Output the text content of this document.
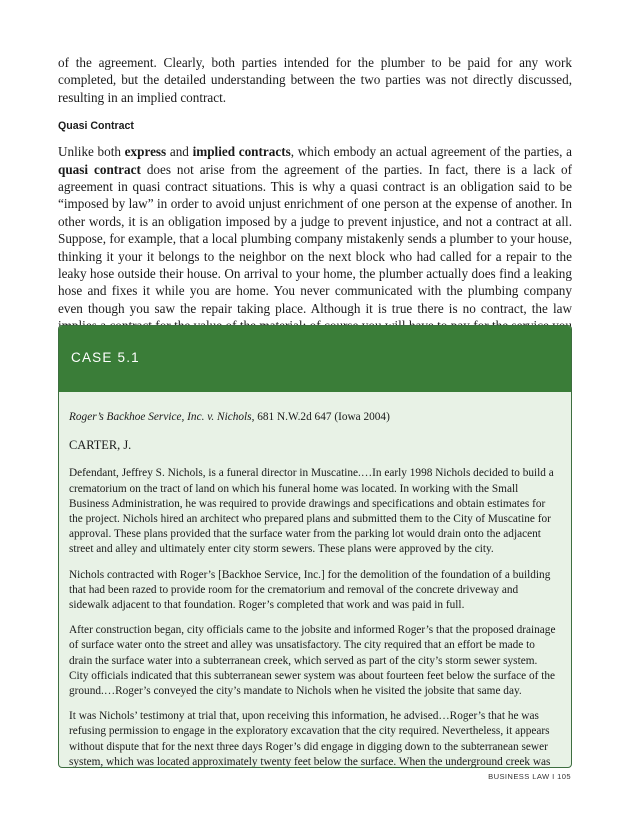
of the agreement. Clearly, both parties intended for the plumber to be paid for any work completed, but the detailed understanding between the two parties was not directly discussed, resulting in an implied contract.

Quasi Contract

Unlike both express and implied contracts, which embody an actual agreement of the parties, a quasi contract does not arise from the agreement of the parties. In fact, there is a lack of agreement in quasi contract situations. This is why a quasi contract is an obligation said to be “imposed by law” in order to avoid unjust enrichment of one person at the expense of another. In other words, it is an obligation imposed by a judge to prevent injustice, and not a contract at all. Suppose, for example, that a local plumbing company mistakenly sends a plumber to your house, thinking it your it belongs to the neighbor on the next block who had called for a repair to the leaky hose outside their house. On arrival to your home, the plumber actually does find a leaking hose and fixes it while you are home. You never communicated with the plumbing company even though you saw the repair taking place. Although it is true there is no contract, the law

CASE 5.1

Roger’s Backhoe Service, Inc. v. Nichols, 681 N.W.2d 647 (Iowa 2004)

CARTER, J.

Defendant, Jeffrey S. Nichols, is a funeral director in Muscatine.…In early 1998 Nichols decided to build a crematorium on the tract of land on which his funeral home was located. In working with the Small Business Administration, he was required to provide drawings and specifications and obtain estimates for the project. Nichols hired an architect who prepared plans and submitted them to the City of Muscatine for approval. These plans provided that the surface water from the parking lot would drain onto the adjacent street and alley and ultimately enter city storm sewers. These plans were approved by the city.

Nichols contracted with Roger’s [Backhoe Service, Inc.] for the demolition of the foundation of a building that had been razed to provide room for the crematorium and removal of the concrete driveway and sidewalk adjacent to that foundation. Roger’s completed that work and was paid in full.

After construction began, city officials came to the jobsite and informed Roger’s that the proposed drainage of surface water onto the street and alley was unsatisfactory. The city required that an effort be made to drain the surface water into a subterranean creek, which served as part of the city’s storm sewer system. City officials indicated that this subterranean sewer system was about fourteen feet below the surface of the ground.…Roger’s conveyed the city’s mandate to Nichols when he visited the jobsite that same day.

It was Nichols’ testimony at trial that, upon receiving this information, he advised…Roger’s that he was refusing permission to engage in the exploratory excavation that the city required. Nevertheless, it appears without dispute that for the next three days Roger’s did engage in digging down to the subterranean sewer system, which was located approximately twenty feet below the surface. When the underground creek was

BUSINESS LAW I 105
